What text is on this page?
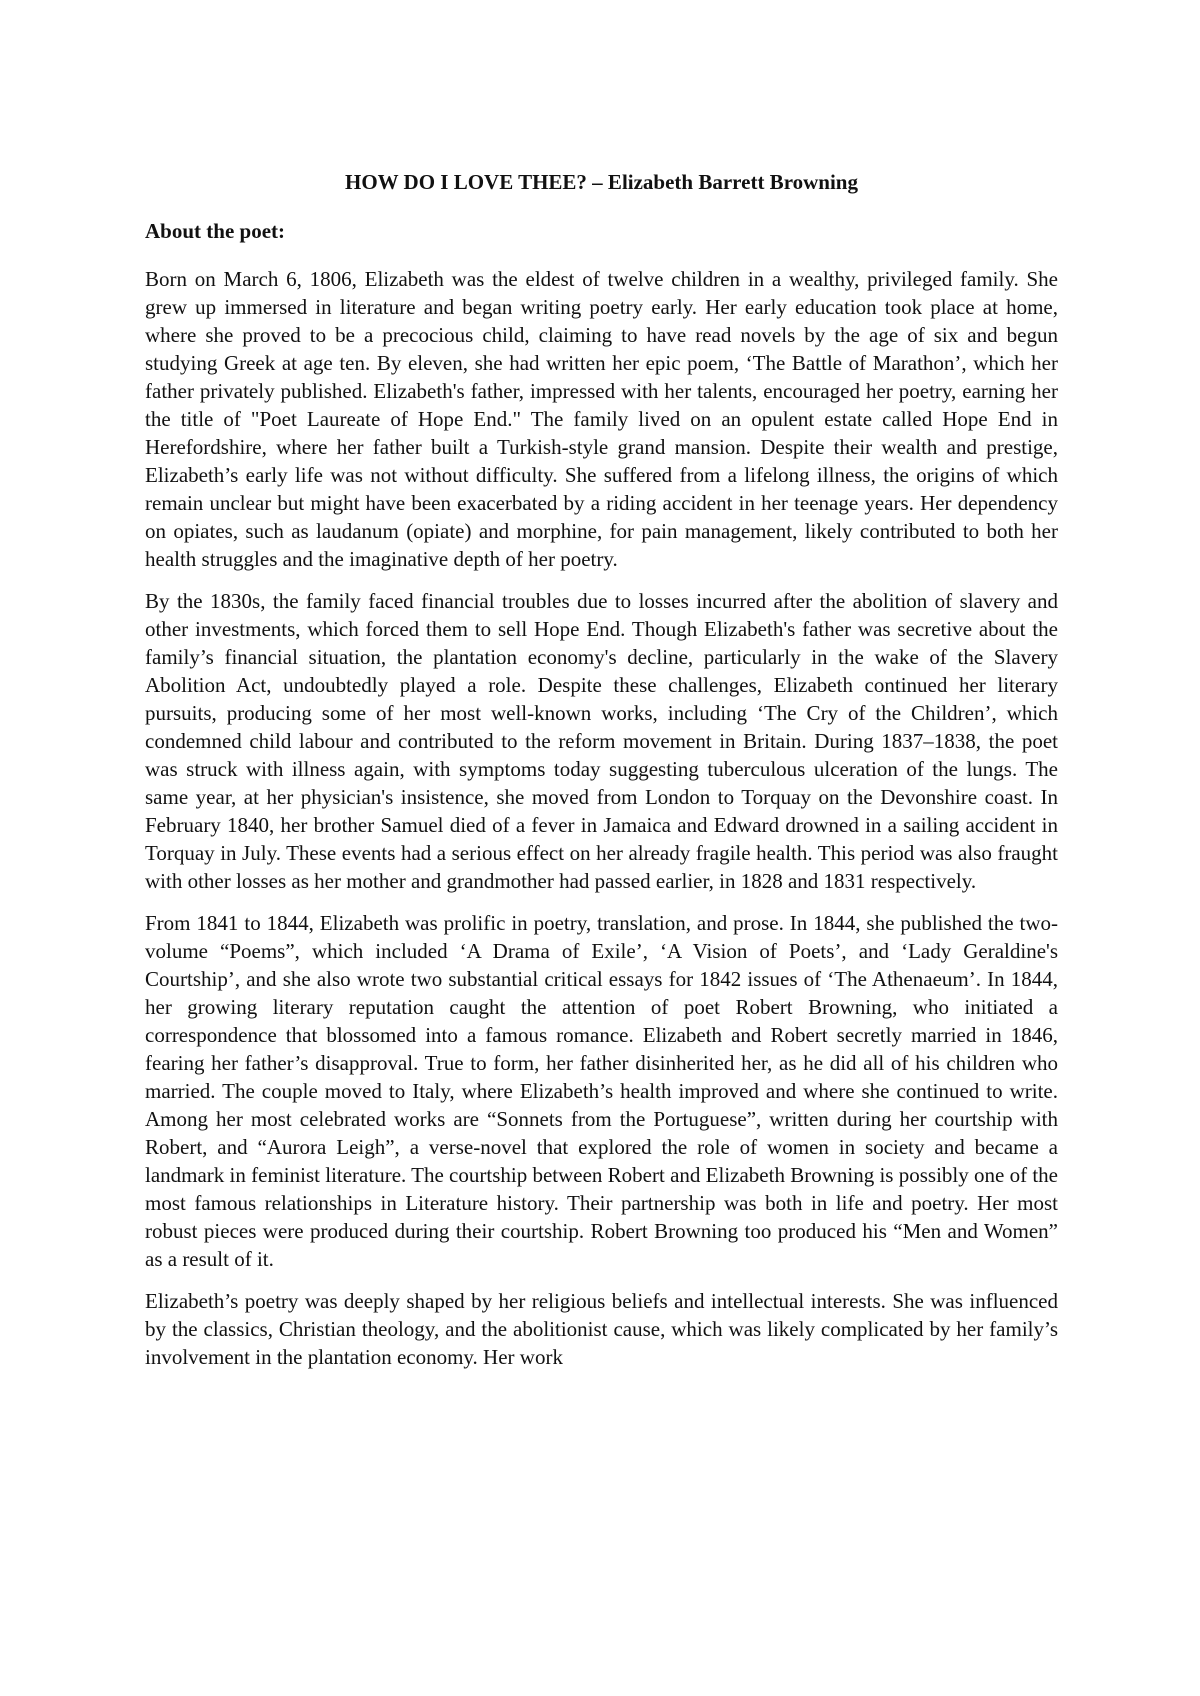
HOW DO I LOVE THEE? – Elizabeth Barrett Browning
About the poet:

Born on March 6, 1806, Elizabeth was the eldest of twelve children in a wealthy, privileged family. She grew up immersed in literature and began writing poetry early. Her early education took place at home, where she proved to be a precocious child, claiming to have read novels by the age of six and begun studying Greek at age ten. By eleven, she had written her epic poem, ‘The Battle of Marathon’, which her father privately published. Elizabeth's father, impressed with her talents, encouraged her poetry, earning her the title of "Poet Laureate of Hope End." The family lived on an opulent estate called Hope End in Herefordshire, where her father built a Turkish-style grand mansion. Despite their wealth and prestige, Elizabeth’s early life was not without difficulty. She suffered from a lifelong illness, the origins of which remain unclear but might have been exacerbated by a riding accident in her teenage years. Her dependency on opiates, such as laudanum (opiate) and morphine, for pain management, likely contributed to both her health struggles and the imaginative depth of her poetry.

By the 1830s, the family faced financial troubles due to losses incurred after the abolition of slavery and other investments, which forced them to sell Hope End. Though Elizabeth's father was secretive about the family’s financial situation, the plantation economy's decline, particularly in the wake of the Slavery Abolition Act, undoubtedly played a role. Despite these challenges, Elizabeth continued her literary pursuits, producing some of her most well-known works, including ‘The Cry of the Children’, which condemned child labour and contributed to the reform movement in Britain. During 1837–1838, the poet was struck with illness again, with symptoms today suggesting tuberculous ulceration of the lungs. The same year, at her physician's insistence, she moved from London to Torquay on the Devonshire coast. In February 1840, her brother Samuel died of a fever in Jamaica and Edward drowned in a sailing accident in Torquay in July. These events had a serious effect on her already fragile health. This period was also fraught with other losses as her mother and grandmother had passed earlier, in 1828 and 1831 respectively.

From 1841 to 1844, Elizabeth was prolific in poetry, translation, and prose. In 1844, she published the two-volume “Poems”, which included ‘A Drama of Exile’, ‘A Vision of Poets’, and ‘Lady Geraldine's Courtship’, and she also wrote two substantial critical essays for 1842 issues of ‘The Athenaeum’. In 1844, her growing literary reputation caught the attention of poet Robert Browning, who initiated a correspondence that blossomed into a famous romance. Elizabeth and Robert secretly married in 1846, fearing her father’s disapproval. True to form, her father disinherited her, as he did all of his children who married. The couple moved to Italy, where Elizabeth’s health improved and where she continued to write. Among her most celebrated works are “Sonnets from the Portuguese”, written during her courtship with Robert, and “Aurora Leigh”, a verse-novel that explored the role of women in society and became a landmark in feminist literature. The courtship between Robert and Elizabeth Browning is possibly one of the most famous relationships in Literature history. Their partnership was both in life and poetry. Her most robust pieces were produced during their courtship. Robert Browning too produced his “Men and Women” as a result of it.

Elizabeth’s poetry was deeply shaped by her religious beliefs and intellectual interests. She was influenced by the classics, Christian theology, and the abolitionist cause, which was likely complicated by her family’s involvement in the plantation economy. Her work
